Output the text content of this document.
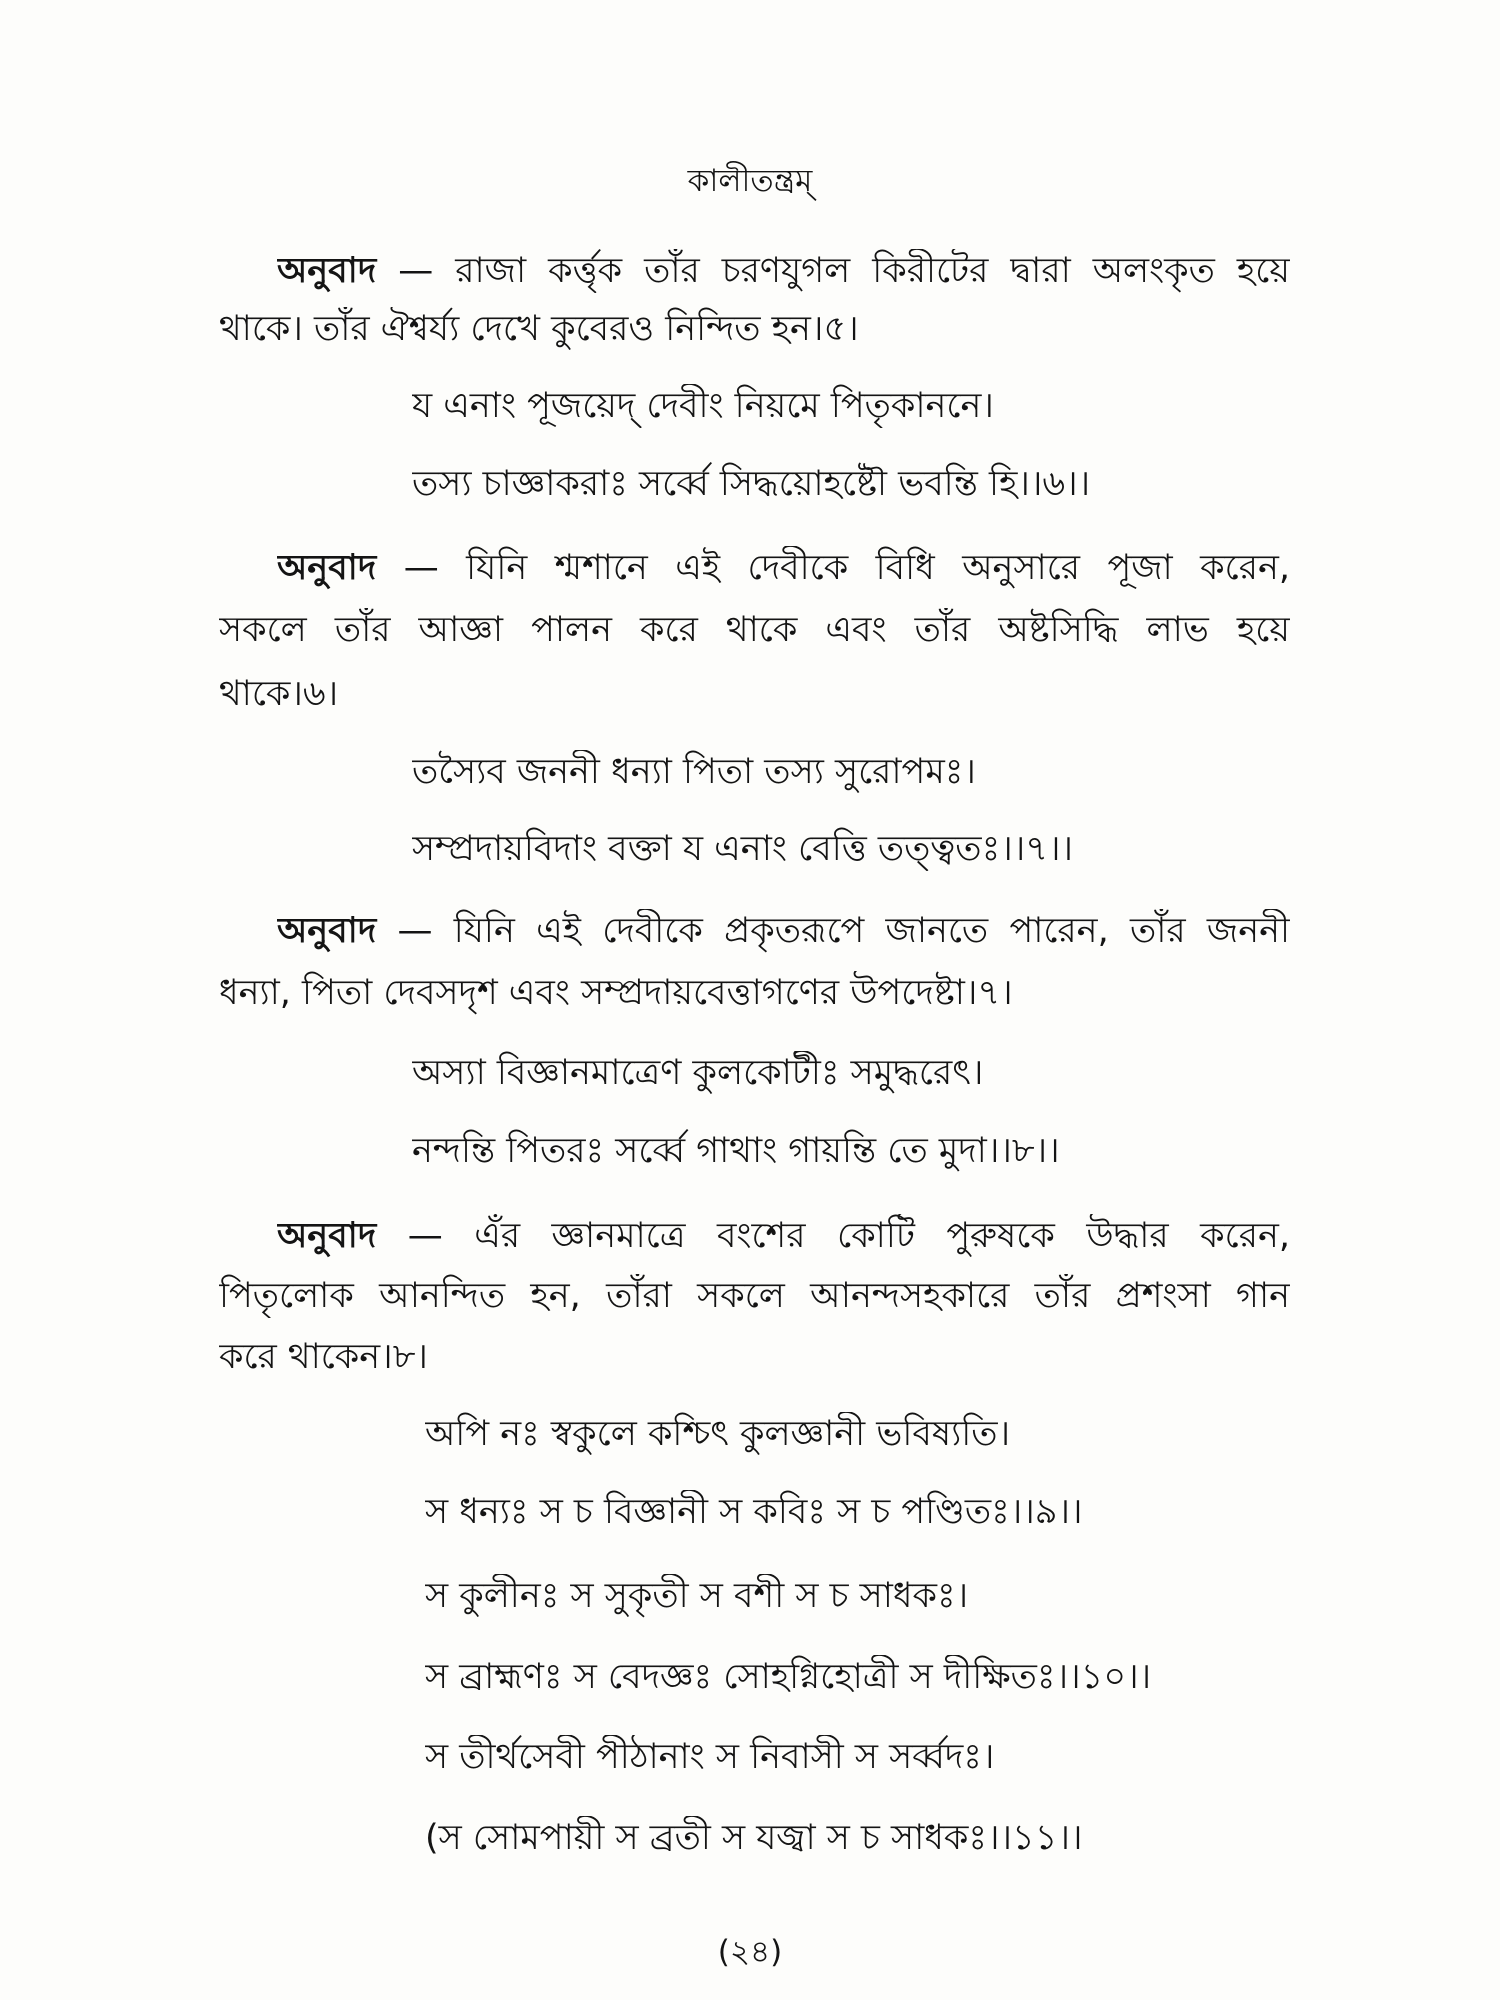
কালীতন্ত্রম্
অনুবাদ — রাজা কর্ত্তৃক তাঁর চরণযুগল কিরীটের দ্বারা অলংকৃত হয়ে
থাকে। তাঁর ঐশ্বর্য্য দেখে কুবেরও নিন্দিত হন।৫।
য এনাং পূজয়েদ্ দেবীং নিয়মে পিতৃকাননে।
তস্য চাজ্ঞাকরাঃ সর্ব্বে সিদ্ধয়োহষ্টৌ ভবন্তি হি।।৬।।
অনুবাদ — যিনি শ্মশানে এই দেবীকে বিধি অনুসারে পূজা করেন,
সকলে তাঁর আজ্ঞা পালন করে থাকে এবং তাঁর অষ্টসিদ্ধি লাভ হয়ে
থাকে।৬।
তস্যৈব জননী ধন্যা পিতা তস্য সুরোপমঃ।
সম্প্রদায়বিদাং বক্তা য এনাং বেত্তি তত্ত্বতঃ।।৭।।
অনুবাদ — যিনি এই দেবীকে প্রকৃতরূপে জানতে পারেন, তাঁর জননী
ধন্যা, পিতা দেবসদৃশ এবং সম্প্রদায়বেত্তাগণের উপদেষ্টা।৭।
অস্যা বিজ্ঞানমাত্রেণ কুলকোটীঃ সমুদ্ধরেৎ।
নন্দন্তি পিতরঃ সর্ব্বে গাথাং গায়ন্তি তে মুদা।।৮।।
অনুবাদ — এঁর জ্ঞানমাত্রে বংশের কোটি পুরুষকে উদ্ধার করেন,
পিতৃলোক আনন্দিত হন, তাঁরা সকলে আনন্দসহকারে তাঁর প্রশংসা গান
করে থাকেন।৮।
অপি নঃ স্বকুলে কশ্চিৎ কুলজ্ঞানী ভবিষ্যতি।
স ধন্যঃ স চ বিজ্ঞানী স কবিঃ স চ পণ্ডিতঃ।।৯।।
স কুলীনঃ স সুকৃতী স বশী স চ সাধকঃ।
স ব্রাহ্মণঃ স বেদজ্ঞঃ সোহগ্নিহোত্রী স দীক্ষিতঃ।।১০।।
স তীর্থসেবী পীঠানাং স নিবাসী স সর্ব্বদঃ।
(স সোমপায়ী স ব্রতী স যজ্বা স চ সাধকঃ।।১১।।
(২৪)
